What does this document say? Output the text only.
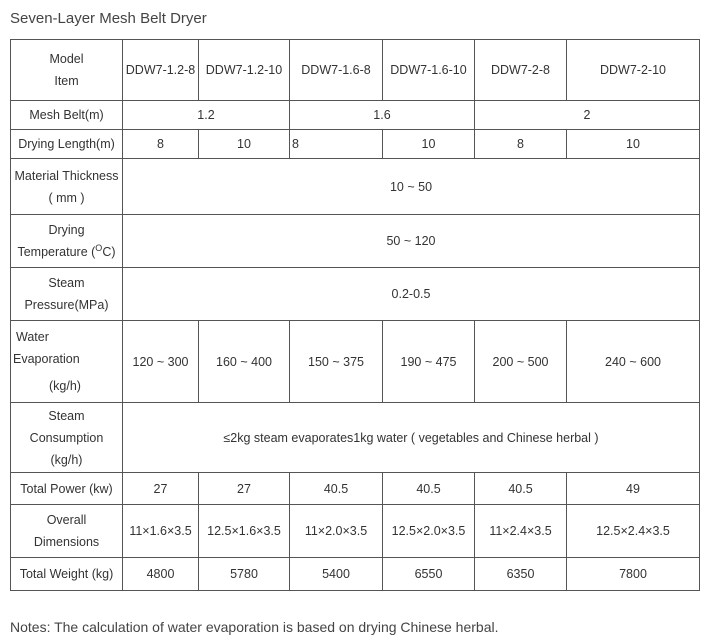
Seven-Layer Mesh Belt Dryer
Model
Item	DDW7-1.2-8	DDW7-1.2-10	DDW7-1.6-8	DDW7-1.6-10	DDW7-2-8	DDW7-2-10
Mesh Belt(m)	1.2		1.6		2	
Drying Length(m)	8	10	8	10	8	10

Material Thickness
( mm )	10 ~ 50					

Drying
Temperature ($^O$C)	50 ~ 120					

Steam
Pressure(MPa)	0.2-0.5					

Water
Evaporation
(kg/h)	120 ~ 300	160 ~ 400	150 ~ 375	190 ~ 475	200 ~ 500	240 ~ 600

Steam
Consumption
(kg/h)	≤2kg steam evaporates1kg water ( vegetables and Chinese herbal )					
Total Power (kw)	27	27	40.5	40.5	40.5	49

Overall
Dimensions	11×1.6×3.5	12.5×1.6×3.5	11×2.0×3.5	12.5×2.0×3.5	11×2.4×3.5	12.5×2.4×3.5
Total Weight (kg)	4800	5780	5400	6550	6350	7800
Notes: The calculation of water evaporation is based on drying Chinese herbal.
